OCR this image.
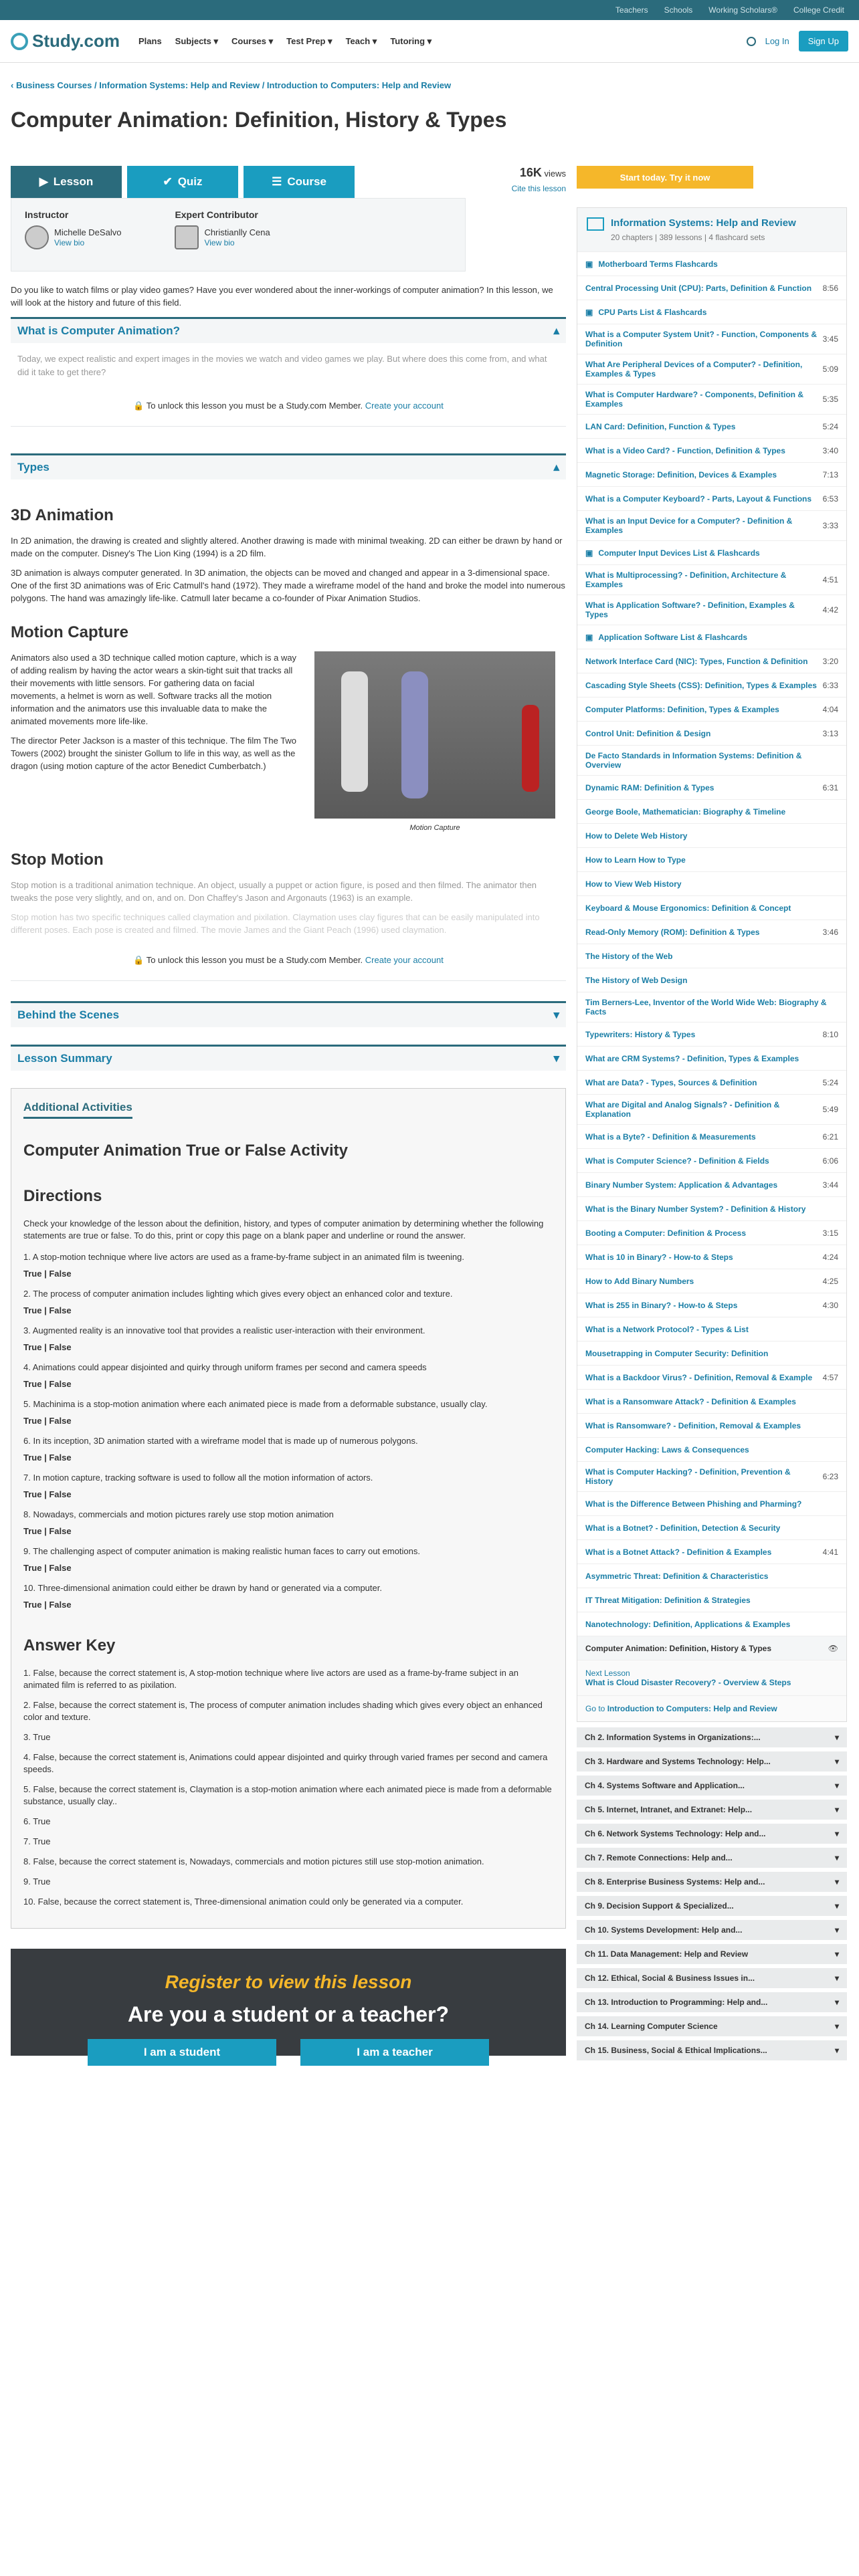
Teachers Schools Working Scholars® College Credit
Study.com Plans Subjects ▾ Courses ▾ Test Prep ▾ Teach ▾ Tutoring ▾	Log In	Sign Up
‹ Business Courses / Information Systems: Help and Review / Introduction to Computers: Help and Review
Computer Animation: Definition, History & Types
▶ Lesson	✔ Quiz	☰ Course
16K views
Cite this lesson
Instructor
Michelle DeSalvo
View bio
Expert Contributor
Christianlly Cena
View bio

Do you like to watch films or play video games? Have you ever wondered about the inner-workings of computer animation? In this lesson, we will look at the history and future of this field.

What is Computer Animation?	▴
Today, we expect realistic and expert images in the movies we watch and video games we play. But where does this come from, and what did it take to get there?
🔒 To unlock this lesson you must be a Study.com Member. Create your account
Types	▴
3D Animation

In 2D animation, the drawing is created and slightly altered. Another drawing is made with minimal tweaking. 2D can either be drawn by hand or made on the computer. Disney's The Lion King (1994) is a 2D film.

3D animation is always computer generated. In 3D animation, the objects can be moved and changed and appear in a 3-dimensional space. One of the first 3D animations was of Eric Catmull's hand (1972). They made a wireframe model of the hand and broke the model into numerous polygons. The hand was amazingly life-like. Catmull later became a co-founder of Pixar Animation Studios.

Motion Capture

Animators also used a 3D technique called motion capture, which is a way of adding realism by having the actor wears a skin-tight suit that tracks all their movements with little sensors. For gathering data on facial movements, a helmet is worn as well. Software tracks all the motion information and the animators use this invaluable data to make the animated movements more life-like.

The director Peter Jackson is a master of this technique. The film The Two Towers (2002) brought the sinister Gollum to life in this way, as well as the dragon (using motion capture of the actor Benedict Cumberbatch.)

Motion Capture
Stop Motion

Stop motion is a traditional animation technique. An object, usually a puppet or action figure, is posed and then filmed. The animator then tweaks the pose very slightly, and on, and on. Don Chaffey's Jason and Argonauts (1963) is an example.

Stop motion has two specific techniques called claymation and pixilation. Claymation uses clay figures that can be easily manipulated into different poses. Each pose is created and filmed. The movie James and the Giant Peach (1996) used claymation.

🔒 To unlock this lesson you must be a Study.com Member. Create your account
Behind the Scenes	▾
Lesson Summary	▾
Additional Activities
Computer Animation True or False Activity
Directions

Check your knowledge of the lesson about the definition, history, and types of computer animation by determining whether the following statements are true or false. To do this, print or copy this page on a blank paper and underline or round the answer.

1. A stop-motion technique where live actors are used as a frame-by-frame subject in an animated film is tweening.

True | False

2. The process of computer animation includes lighting which gives every object an enhanced color and texture.

True | False

3. Augmented reality is an innovative tool that provides a realistic user-interaction with their environment.

True | False

4. Animations could appear disjointed and quirky through uniform frames per second and camera speeds

True | False

5. Machinima is a stop-motion animation where each animated piece is made from a deformable substance, usually clay.

True | False

6. In its inception, 3D animation started with a wireframe model that is made up of numerous polygons.

True | False

7. In motion capture, tracking software is used to follow all the motion information of actors.

True | False

8. Nowadays, commercials and motion pictures rarely use stop motion animation

True | False

9. The challenging aspect of computer animation is making realistic human faces to carry out emotions.

True | False

10. Three-dimensional animation could either be drawn by hand or generated via a computer.

True | False
Answer Key

1. False, because the correct statement is, A stop-motion technique where live actors are used as a frame-by-frame subject in an animated film is referred to as pixilation.

2. False, because the correct statement is, The process of computer animation includes shading which gives every object an enhanced color and texture.

3. True

4. False, because the correct statement is, Animations could appear disjointed and quirky through varied frames per second and camera speeds.

5. False, because the correct statement is, Claymation is a stop-motion animation where each animated piece is made from a deformable substance, usually clay..

6. True

7. True

8. False, because the correct statement is, Nowadays, commercials and motion pictures still use stop-motion animation.

9. True

10. False, because the correct statement is, Three-dimensional animation could only be generated via a computer.

Register to view this lesson
Are you a student or a teacher?
I am a student	I am a teacher
Start today. Try it now
Information Systems: Help and Review
20 chapters | 389 lessons | 4 flashcard sets
▣ Motherboard Terms Flashcards
Central Processing Unit (CPU): Parts, Definition & Function 8:56
▣ CPU Parts List & Flashcards
What is a Computer System Unit? - Function, Components & Definition	3:45
What Are Peripheral Devices of a Computer? - Definition, Examples & Types	5:09
What is Computer Hardware? - Components, Definition & Examples	5:35
LAN Card: Definition, Function & Types	5:24
What is a Video Card? - Function, Definition & Types	3:40
Magnetic Storage: Definition, Devices & Examples	7:13
What is a Computer Keyboard? - Parts, Layout & Functions 6:53
What is an Input Device for a Computer? - Definition & Examples	3:33
▣ Computer Input Devices List & Flashcards
What is Multiprocessing? - Definition, Architecture & Examples	4:51
What is Application Software? - Definition, Examples & Types	4:42
▣ Application Software List & Flashcards
Network Interface Card (NIC): Types, Function & Definition 3:20
Cascading Style Sheets (CSS): Definition, Types & Examples 6:33
Computer Platforms: Definition, Types & Examples	4:04
Control Unit: Definition & Design	3:13
De Facto Standards in Information Systems: Definition & Overview
Dynamic RAM: Definition & Types	6:31
George Boole, Mathematician: Biography & Timeline
How to Delete Web History
How to Learn How to Type
How to View Web History
Keyboard & Mouse Ergonomics: Definition & Concept
Read-Only Memory (ROM): Definition & Types	3:46
The History of the Web
The History of Web Design
Tim Berners-Lee, Inventor of the World Wide Web: Biography & Facts
Typewriters: History & Types	8:10
What are CRM Systems? - Definition, Types & Examples
What are Data? - Types, Sources & Definition	5:24
What are Digital and Analog Signals? - Definition & Explanation	5:49
What is a Byte? - Definition & Measurements	6:21
What is Computer Science? - Definition & Fields	6:06
Binary Number System: Application & Advantages	3:44
What is the Binary Number System? - Definition & History
Booting a Computer: Definition & Process	3:15
What is 10 in Binary? - How-to & Steps	4:24
How to Add Binary Numbers	4:25
What is 255 in Binary? - How-to & Steps	4:30
What is a Network Protocol? - Types & List
Mousetrapping in Computer Security: Definition
What is a Backdoor Virus? - Definition, Removal & Example 4:57
What is a Ransomware Attack? - Definition & Examples
What is Ransomware? - Definition, Removal & Examples
Computer Hacking: Laws & Consequences
What is Computer Hacking? - Definition, Prevention & History	6:23
What is the Difference Between Phishing and Pharming?
What is a Botnet? - Definition, Detection & Security
What is a Botnet Attack? - Definition & Examples	4:41
Asymmetric Threat: Definition & Characteristics
IT Threat Mitigation: Definition & Strategies
Nanotechnology: Definition, Applications & Examples
Computer Animation: Definition, History & Types	👁
Next Lesson
What is Cloud Disaster Recovery? - Overview & Steps
Go to Introduction to Computers: Help and Review
Ch 2. Information Systems in Organizations:...	▾
Ch 3. Hardware and Systems Technology: Help...	▾
Ch 4. Systems Software and Application...	▾
Ch 5. Internet, Intranet, and Extranet: Help...	▾
Ch 6. Network Systems Technology: Help and...	▾
Ch 7. Remote Connections: Help and...	▾
Ch 8. Enterprise Business Systems: Help and...	▾
Ch 9. Decision Support & Specialized...	▾
Ch 10. Systems Development: Help and...	▾
Ch 11. Data Management: Help and Review	▾
Ch 12. Ethical, Social & Business Issues in...	▾
Ch 13. Introduction to Programming: Help and...	▾
Ch 14. Learning Computer Science	▾
Ch 15. Business, Social & Ethical Implications...	▾
